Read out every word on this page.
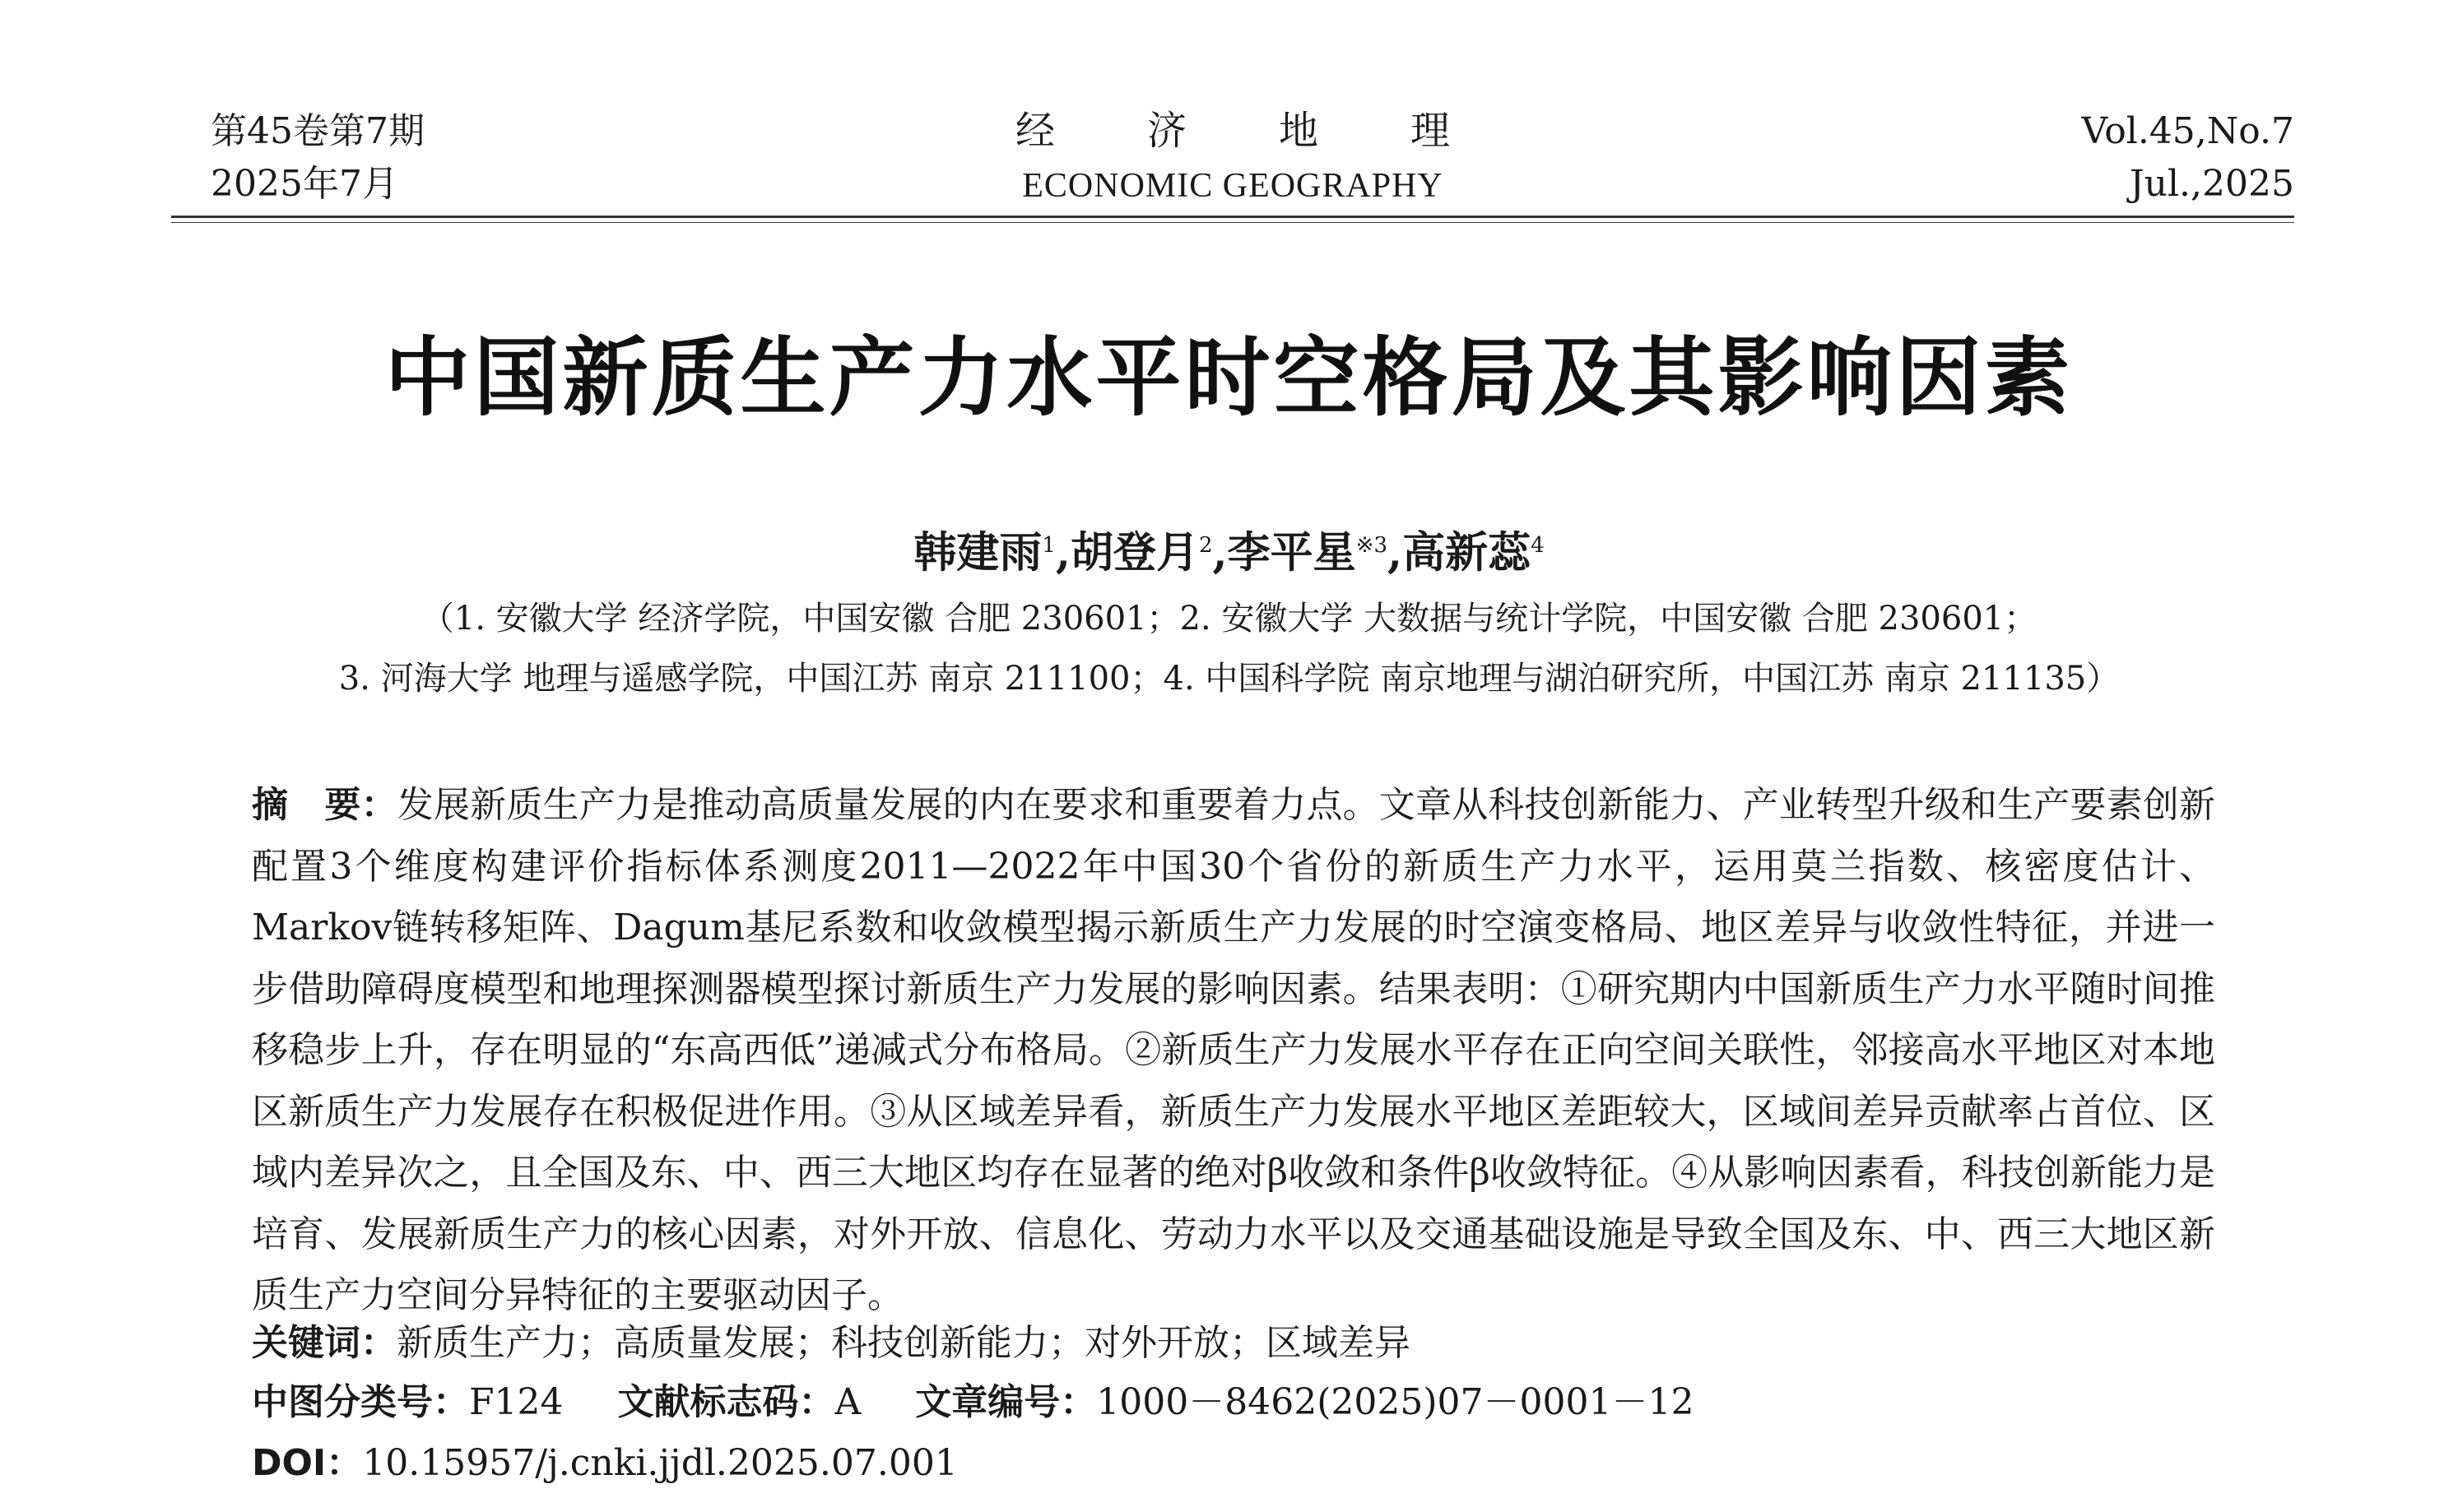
第45卷第7期
2025年7月
经济地理
ECONOMIC GEOGRAPHY
Vol.45,No.7
Jul.,2025
中国新质生产力水平时空格局及其影响因素
韩建雨$^1$,胡登月$^2$,李平星$^{※3}$,高新蕊$^4$
（1. 安徽大学 经济学院，中国安徽 合肥 230601；2. 安徽大学 大数据与统计学院，中国安徽 合肥 230601；
3. 河海大学 地理与遥感学院，中国江苏 南京 211100；4. 中国科学院 南京地理与湖泊研究所，中国江苏 南京 211135）
摘　要：发展新质生产力是推动高质量发展的内在要求和重要着力点。文章从科技创新能力、产业转型升级和生产要素创新配置3个维度构建评价指标体系测度2011—2022年中国30个省份的新质生产力水平，运用莫兰指数、核密度估计、Markov链转移矩阵、Dagum基尼系数和收敛模型揭示新质生产力发展的时空演变格局、地区差异与收敛性特征，并进一步借助障碍度模型和地理探测器模型探讨新质生产力发展的影响因素。结果表明：①研究期内中国新质生产力水平随时间推移稳步上升，存在明显的“东高西低”递减式分布格局。②新质生产力发展水平存在正向空间关联性，邻接高水平地区对本地区新质生产力发展存在积极促进作用。③从区域差异看，新质生产力发展水平地区差距较大，区域间差异贡献率占首位、区域内差异次之，且全国及东、中、西三大地区均存在显著的绝对β收敛和条件β收敛特征。④从影响因素看，科技创新能力是培育、发展新质生产力的核心因素，对外开放、信息化、劳动力水平以及交通基础设施是导致全国及东、中、西三大地区新质生产力空间分异特征的主要驱动因子。
关键词：新质生产力；高质量发展；科技创新能力；对外开放；区域差异
中图分类号：F124 文献标志码：A 文章编号：1000－8462(2025)07－0001－12
DOI：10.15957/j.cnki.jjdl.2025.07.001
